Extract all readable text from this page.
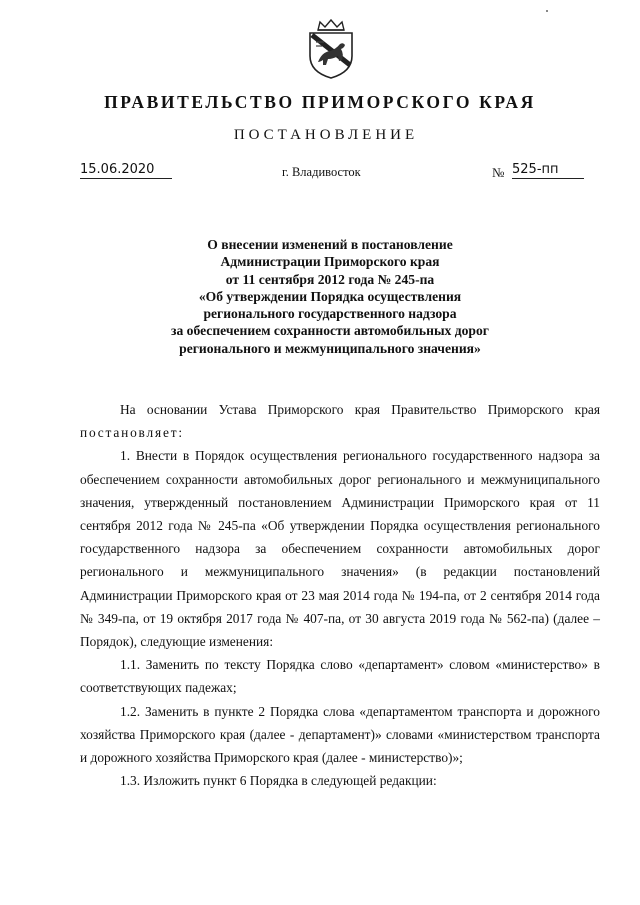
ПРАВИТЕЛЬСТВО ПРИМОРСКОГО КРАЯ
ПОСТАНОВЛЕНИЕ
15.06.2020	г. Владивосток	№ 525-пп
О внесении изменений в постановление
Администрации Приморского края
от 11 сентября 2012 года № 245-па
«Об утверждении Порядка осуществления
регионального государственного надзора
за обеспечением сохранности автомобильных дорог
регионального и межмуниципального значения»

На основании Устава Приморского края Правительство Приморского края постановляет:

1. Внести в Порядок осуществления регионального государственного надзора за обеспечением сохранности автомобильных дорог регионального и межмуниципального значения, утвержденный постановлением Администрации Приморского края от 11 сентября 2012 года № 245-па «Об утверждении Порядка осуществления регионального государственного надзора за обеспечением сохранности автомобильных дорог регионального и межмуниципального значения» (в редакции постановлений Администрации Приморского края от 23 мая 2014 года № 194-па, от 2 сентября 2014 года № 349-па, от 19 октября 2017 года № 407-па, от 30 августа 2019 года № 562-па) (далее – Порядок), следующие изменения:

1.1. Заменить по тексту Порядка слово «департамент» словом «министерство» в соответствующих падежах;

1.2. Заменить в пункте 2 Порядка слова «департаментом транспорта и дорожного хозяйства Приморского края (далее - департамент)» словами «министерством транспорта и дорожного хозяйства Приморского края (далее - министерство)»;

1.3. Изложить пункт 6 Порядка в следующей редакции:
